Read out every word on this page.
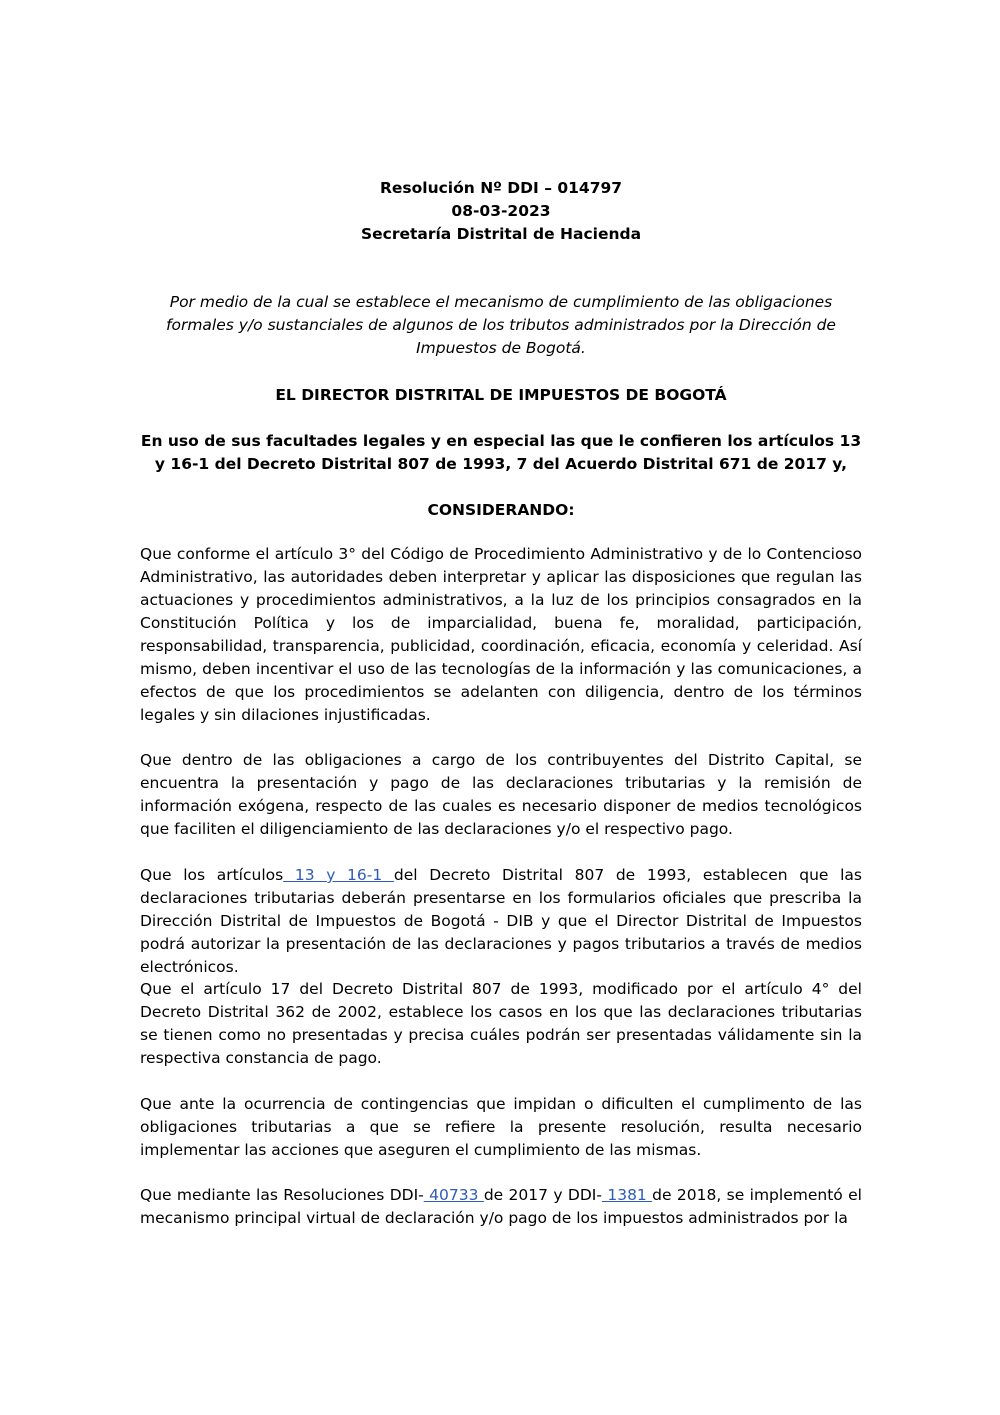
Resolución Nº DDI – 014797
08-03-2023
Secretaría Distrital de Hacienda
Por medio de la cual se establece el mecanismo de cumplimiento de las obligaciones formales y/o sustanciales de algunos de los tributos administrados por la Dirección de Impuestos de Bogotá.
EL DIRECTOR DISTRITAL DE IMPUESTOS DE BOGOTÁ
En uso de sus facultades legales y en especial las que le confieren los artículos 13 y 16-1 del Decreto Distrital 807 de 1993, 7 del Acuerdo Distrital 671 de 2017 y,
CONSIDERANDO:

Que conforme el artículo 3° del Código de Procedimiento Administrativo y de lo Contencioso Administrativo, las autoridades deben interpretar y aplicar las disposiciones que regulan las actuaciones y procedimientos administrativos, a la luz de los principios consagrados en la Constitución Política y los de imparcialidad, buena fe, moralidad, participación, responsabilidad, transparencia, publicidad, coordinación, eficacia, economía y celeridad. Así mismo, deben incentivar el uso de las tecnologías de la información y las comunicaciones, a efectos de que los procedimientos se adelanten con diligencia, dentro de los términos legales y sin dilaciones injustificadas.

Que dentro de las obligaciones a cargo de los contribuyentes del Distrito Capital, se encuentra la presentación y pago de las declaraciones tributarias y la remisión de información exógena, respecto de las cuales es necesario disponer de medios tecnológicos que faciliten el diligenciamiento de las declaraciones y/o el respectivo pago.

Que los artículos 13 y 16-1 del Decreto Distrital 807 de 1993, establecen que las declaraciones tributarias deberán presentarse en los formularios oficiales que prescriba la Dirección Distrital de Impuestos de Bogotá - DIB y que el Director Distrital de Impuestos podrá autorizar la presentación de las declaraciones y pagos tributarios a través de medios electrónicos.

Que el artículo 17 del Decreto Distrital 807 de 1993, modificado por el artículo 4° del Decreto Distrital 362 de 2002, establece los casos en los que las declaraciones tributarias se tienen como no presentadas y precisa cuáles podrán ser presentadas válidamente sin la respectiva constancia de pago.

Que ante la ocurrencia de contingencias que impidan o dificulten el cumplimento de las obligaciones tributarias a que se refiere la presente resolución, resulta necesario implementar las acciones que aseguren el cumplimiento de las mismas.

Que mediante las Resoluciones DDI- 40733 de 2017 y DDI- 1381 de 2018, se implementó el mecanismo principal virtual de declaración y/o pago de los impuestos administrados por la
